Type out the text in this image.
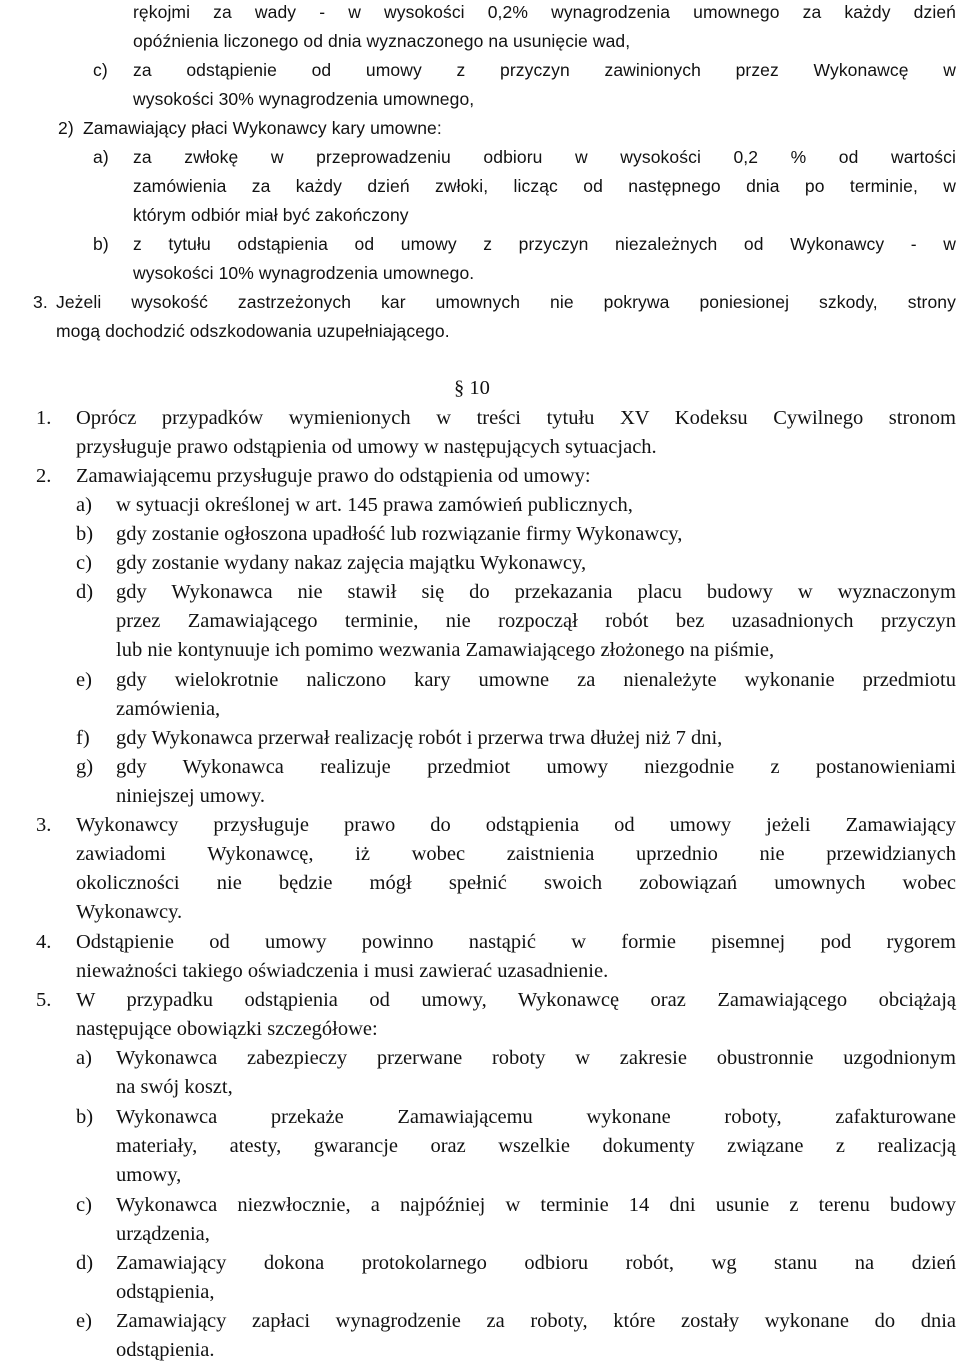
rękojmi za wady - w wysokości 0,2% wynagrodzenia umownego za każdy dzień
opóźnienia liczonego od dnia wyznaczonego na usunięcie wad,
c) za odstąpienie od umowy z przyczyn zawinionych przez Wykonawcę w
wysokości 30% wynagrodzenia umownego,
2) Zamawiający płaci Wykonawcy kary umowne:
a) za zwłokę w przeprowadzeniu odbioru w wysokości 0,2 % od wartości
zamówienia za każdy dzień zwłoki, licząc od następnego dnia po terminie, w
którym odbiór miał być zakończony
b) z tytułu odstąpienia od umowy z przyczyn niezależnych od Wykonawcy - w
wysokości 10% wynagrodzenia umownego.
3. Jeżeli wysokość zastrzeżonych kar umownych nie pokrywa poniesionej szkody, strony
mogą dochodzić odszkodowania uzupełniającego.
§ 10
1. Oprócz przypadków wymienionych w treści tytułu XV Kodeksu Cywilnego stronom
przysługuje prawo odstąpienia od umowy w następujących sytuacjach.
2. Zamawiającemu przysługuje prawo do odstąpienia od umowy:
a) w sytuacji określonej w art. 145 prawa zamówień publicznych,
b) gdy zostanie ogłoszona upadłość lub rozwiązanie firmy Wykonawcy,
c) gdy zostanie wydany nakaz zajęcia majątku Wykonawcy,
d) gdy Wykonawca nie stawił się do przekazania placu budowy w wyznaczonym
przez Zamawiającego terminie, nie rozpoczął robót bez uzasadnionych przyczyn
lub nie kontynuuje ich pomimo wezwania Zamawiającego złożonego na piśmie,
e) gdy wielokrotnie naliczono kary umowne za nienależyte wykonanie przedmiotu
zamówienia,
f) gdy Wykonawca przerwał realizację robót i przerwa trwa dłużej niż 7 dni,
g) gdy Wykonawca realizuje przedmiot umowy niezgodnie z postanowieniami
niniejszej umowy.
3. Wykonawcy przysługuje prawo do odstąpienia od umowy jeżeli Zamawiający
zawiadomi Wykonawcę, iż wobec zaistnienia uprzednio nie przewidzianych
okoliczności nie będzie mógł spełnić swoich zobowiązań umownych wobec
Wykonawcy.
4. Odstąpienie od umowy powinno nastąpić w formie pisemnej pod rygorem
nieważności takiego oświadczenia i musi zawierać uzasadnienie.
5. W przypadku odstąpienia od umowy, Wykonawcę oraz Zamawiającego obciążają
następujące obowiązki szczegółowe:
a) Wykonawca zabezpieczy przerwane roboty w zakresie obustronnie uzgodnionym
na swój koszt,
b) Wykonawca przekaże Zamawiającemu wykonane roboty, zafakturowane
materiały, atesty, gwarancje oraz wszelkie dokumenty związane z realizacją
umowy,
c) Wykonawca niezwłocznie, a najpóźniej w terminie 14 dni usunie z terenu budowy
urządzenia,
d) Zamawiający dokona protokolarnego odbioru robót, wg stanu na dzień
odstąpienia,
e) Zamawiający zapłaci wynagrodzenie za roboty, które zostały wykonane do dnia
odstąpienia.
